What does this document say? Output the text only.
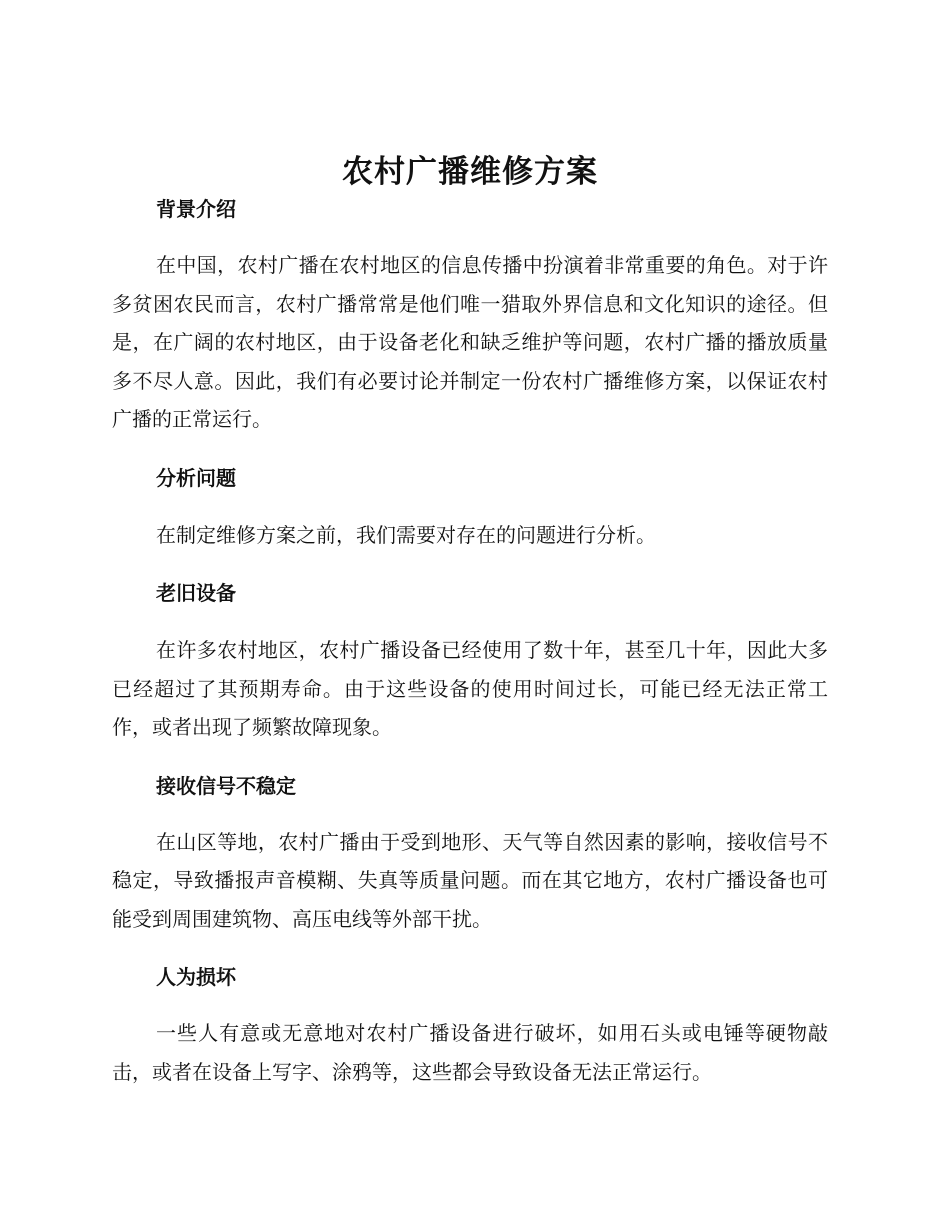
农村广播维修方案
背景介绍

在中国，农村广播在农村地区的信息传播中扮演着非常重要的角色。对于许多贫困农民而言，农村广播常常是他们唯一猎取外界信息和文化知识的途径。但是，在广阔的农村地区，由于设备老化和缺乏维护等问题，农村广播的播放质量多不尽人意。因此，我们有必要讨论并制定一份农村广播维修方案，以保证农村广播的正常运行。

分析问题

在制定维修方案之前，我们需要对存在的问题进行分析。

老旧设备

在许多农村地区，农村广播设备已经使用了数十年，甚至几十年，因此大多已经超过了其预期寿命。由于这些设备的使用时间过长，可能已经无法正常工作，或者出现了频繁故障现象。

接收信号不稳定

在山区等地，农村广播由于受到地形、天气等自然因素的影响，接收信号不稳定，导致播报声音模糊、失真等质量问题。而在其它地方，农村广播设备也可能受到周围建筑物、高压电线等外部干扰。

人为损坏

一些人有意或无意地对农村广播设备进行破坏，如用石头或电锤等硬物敲击，或者在设备上写字、涂鸦等，这些都会导致设备无法正常运行。
